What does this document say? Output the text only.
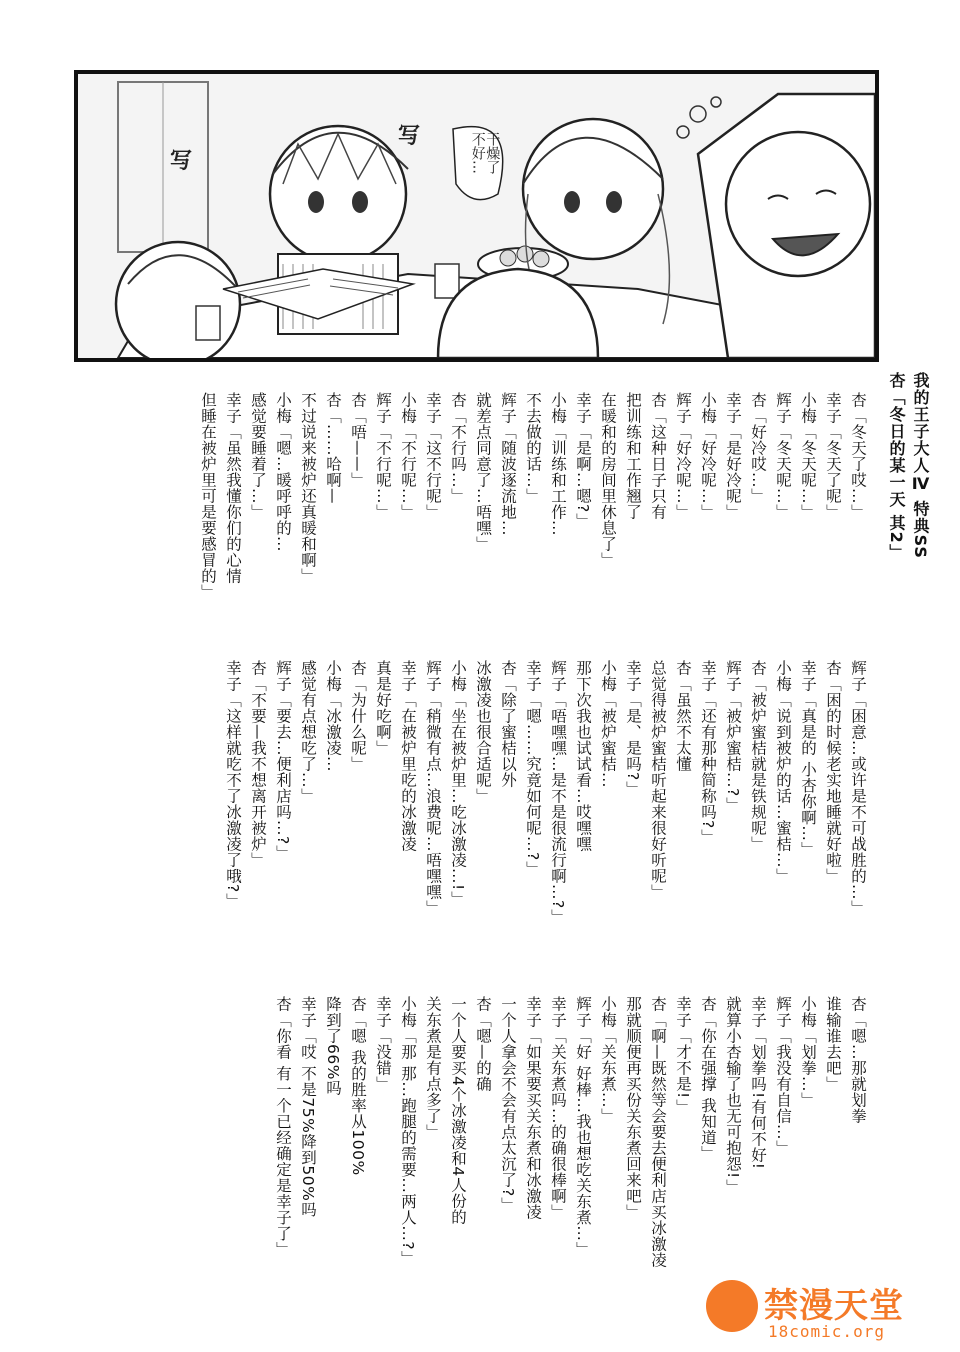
写
写	干燥了
不好…
我的王子大人Ⅳ 特典SS
杏「冬日的某一天 其2」
杏「冬天了哎…」
幸子「冬天了呢」
小梅「冬天呢…」
辉子「冬天呢…」
杏「好冷哎…」
幸子「是好冷呢」
小梅「好冷呢…」
辉子「好冷呢…」
杏「这种日子只有
把训练和工作翘了
在暖和的房间里休息了」
幸子「是啊…嗯?」
小梅「训练和工作…
不去做的话…」
辉子「随波逐流地…
就差点同意了…唔嘿」
杏「不行吗…」
幸子「这不行呢」
小梅「不行呢…」
辉子「不行呢…」
杏「唔——」
杏「……哈啊—
不过说来被炉还真暖和啊」
小梅「嗯…暖呼呼的…
感觉要睡着了…」
幸子「虽然我懂你们的心情
但睡在被炉里可是要感冒的」
辉子「困意…或许是不可战胜的…」
杏「困的时候老实地睡就好啦」
幸子「真是的 小杏你啊…」
小梅「说到被炉的话…蜜桔…」
杏「被炉蜜桔就是铁规呢」
辉子「被炉蜜桔…?」
幸子「还有那种简称吗?」
杏「虽然不太懂
总觉得被炉蜜桔听起来很好听呢」
幸子「是、是吗?」
小梅「被炉蜜桔…
那下次我也试试看…哎嘿嘿
辉子「唔嘿嘿…是不是很流行啊…?」
幸子「嗯……究竟如何呢…?」
杏「除了蜜桔以外
冰激凌也很合适呢」
小梅「坐在被炉里…吃冰激凌…!」
辉子「稍微有点…浪费呢…唔嘿嘿」
幸子「在被炉里吃的冰激凌
真是好吃啊」
杏「为什么呢」
小梅「冰激凌…
感觉有点想吃了…」
辉子「要去…便利店吗…?」
杏「不要—我不想离开被炉」
幸子「这样就吃不了冰激凌了哦?」
杏「嗯…那就划拳
谁输谁去吧」
小梅「划拳…」
辉子「我没有自信…」
幸子「划拳吗!有何不好!
就算小杏输了也无可抱怨!」
杏「你在强撑 我知道」
幸子「才不是!」
杏「啊—既然等会要去便利店买冰激凌
那就顺便再买份关东煮回来吧」
小梅「关东煮…」
辉子「好 好棒…我也想吃关东煮…」
幸子「关东煮吗…的确很棒啊」
幸子「如果要买关东煮和冰激凌
一个人拿会不会有点太沉了?」
杏「嗯—的确
一个人要买4个冰激凌和4人份的
关东煮是有点多了」
小梅「那 那…跑腿的需要…两人…?」
幸子「没错」
杏「嗯 我的胜率从100%
降到了66%吗
幸子「哎 不是75%降到50%吗
杏「你看 有一个已经确定是幸子了」
禁漫天堂
18comic.org
